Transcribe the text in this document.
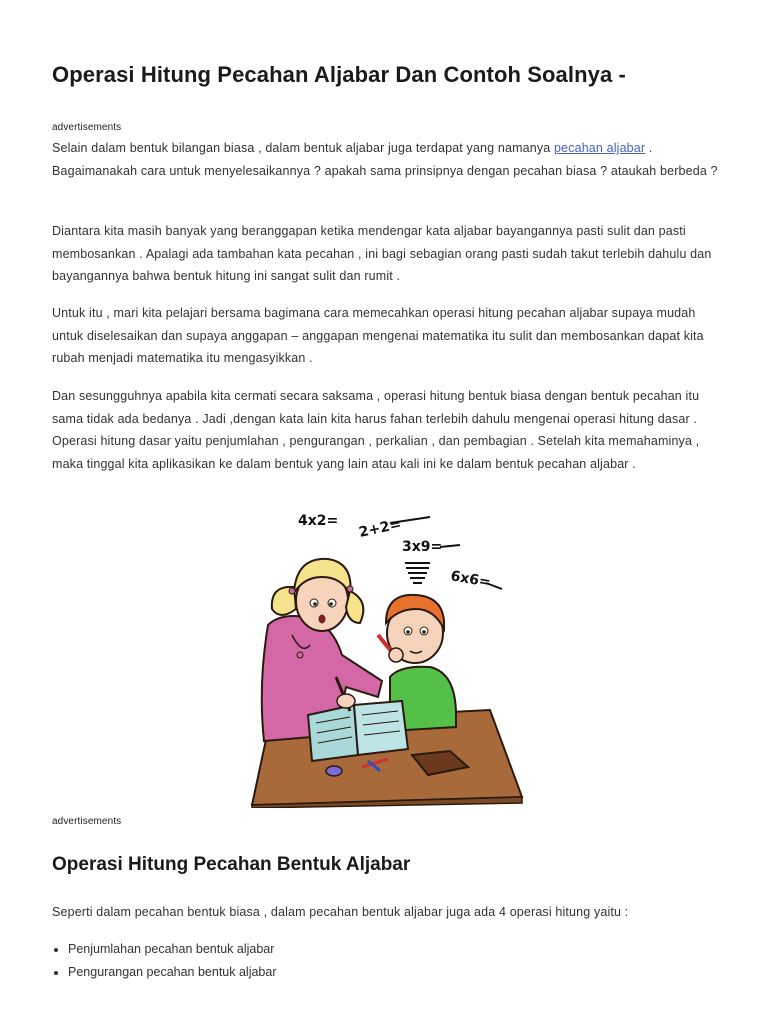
Operasi Hitung Pecahan Aljabar Dan Contoh Soalnya -
advertisements

Selain dalam bentuk bilangan biasa , dalam bentuk aljabar juga terdapat yang namanya pecahan aljabar . Bagaimanakah cara untuk menyelesaikannya ? apakah sama prinsipnya dengan pecahan biasa ? ataukah berbeda ?

Diantara kita masih banyak yang beranggapan ketika mendengar kata aljabar bayangannya pasti sulit dan pasti membosankan . Apalagi ada tambahan kata pecahan , ini bagi sebagian orang pasti sudah takut terlebih dahulu dan bayangannya bahwa bentuk hitung ini sangat sulit dan rumit .

Untuk itu , mari kita pelajari bersama bagimana cara memecahkan operasi hitung pecahan aljabar supaya mudah untuk diselesaikan dan supaya anggapan – anggapan mengenai matematika itu sulit dan membosankan dapat kita rubah menjadi matematika itu mengasyikkan .

Dan sesungguhnya apabila kita cermati secara saksama , operasi hitung bentuk biasa dengan bentuk pecahan itu sama tidak ada bedanya . Jadi ,dengan kata lain kita harus fahan terlebih dahulu mengenai operasi hitung dasar . Operasi hitung dasar yaitu penjumlahan , pengurangan , perkalian , dan pembagian . Setelah kita memahaminya , maka tinggal kita aplikasikan ke dalam bentuk yang lain atau kali ini ke dalam bentuk pecahan aljabar .

advertisements
Operasi Hitung Pecahan Bentuk Aljabar

Seperti dalam pecahan bentuk biasa , dalam pecahan bentuk aljabar juga ada 4 operasi hitung yaitu :

• Penjumlahan pecahan bentuk aljabar
• Pengurangan pecahan bentuk aljabar
4x2= 2+2=
3x9=
6x6=
